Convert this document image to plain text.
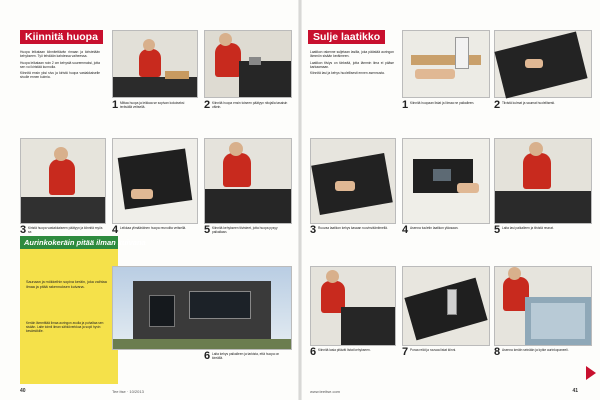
Kiinnitä huopa

Huopa leikataan kiinnitettävän rimaan ja kiristetään kehykseen. Työ tehdään kahdessa vaiheessa.

Huopa leikataan noin 2 cm kehystä suuremmaksi, jotta sen voi kiristää kunnolla.

Kiinnitä ensin yksi sivu ja kiristä huopa vastakkaiselle sivulle ennen kulmia.

1 Mittaa huopa ja leikkaa se sopivan kokoiseksi terävällä veitsellä.	2 Kiinnitä huopa ensin toiseen päätyyn nitojalla tasaisin välein.
3 Kiristä huopa vastakkaiseen päätyyn ja kiinnitä myös se.	4 Leikkaa ylimääräinen huopa reunoilta veitsellä.	5 Kiinnitä kehykseen tiivisteet, jotta huopa pysyy paikallaan.
Aurinkokeräin pitää ilman kuivana
Saunaan ja mökkeihin sopiva keräin, joka vaihtaa ilmaa ja pitää rakennuksen kuivana.
Keräin lämmittää ilmaa auringon avulla ja puhaltaa sen sisään. Laite toimii ilman sähköverkkoa ja sopii hyvin kesämökille.
6 Laita kehys paikalleen ja tarkista, että huopa on kireällä.
40	Tee itse · 10/2013
Sulje laatikko

Laatikon rakenne suljetaan lasilla, joka päästää auringon lämmön sisään keräimeen.

Laatikon tiiviys on tärkeää, jotta lämmin ilma ei pääse karkaamaan.

Kiinnitä lasi ja kehys huolellisesti ennen asennusta.

1 Kiinnitä huopaan listat ja liimaa ne paikalleen.	2 Tiivistä kulmat ja saumat huolellisesti.
3 Ruuvaa laatikon kehys kasaan ruuvinvääntimellä.	4 Asenna tuuletin laatikon yläosaan.	5 Laita lasi paikalleen ja tiivistä reunat.
6 Kiinnitä lasia pitävät listat kehykseen.	7 Poraa reiät ja ruuvaa listat kiinni.	8 Asenna keräin seinään ja kytke aurinkopaneeli.
www.teeitse.com	41
